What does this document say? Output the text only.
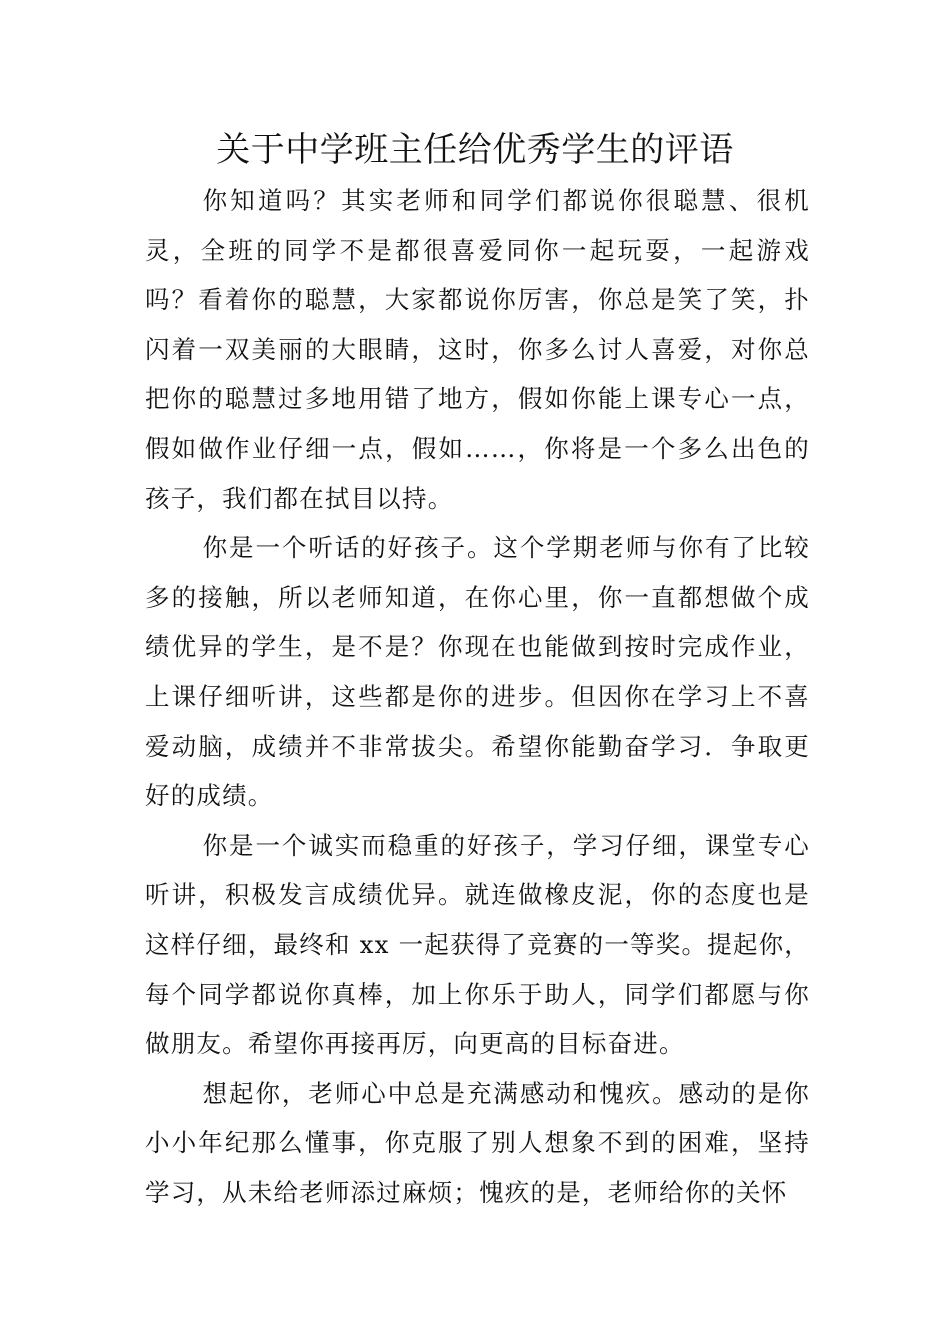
关于中学班主任给优秀学生的评语

你知道吗？其实老师和同学们都说你很聪慧、很机灵，全班的同学不是都很喜爱同你一起玩耍，一起游戏吗？看着你的聪慧，大家都说你厉害，你总是笑了笑，扑闪着一双美丽的大眼睛，这时，你多么讨人喜爱，对你总把你的聪慧过多地用错了地方，假如你能上课专心一点，假如做作业仔细一点，假如……，你将是一个多么出色的孩子，我们都在拭目以持。

你是一个听话的好孩子。这个学期老师与你有了比较多的接触，所以老师知道，在你心里，你一直都想做个成绩优异的学生，是不是？你现在也能做到按时完成作业，上课仔细听讲，这些都是你的进步。但因你在学习上不喜爱动脑，成绩并不非常拔尖。希望你能勤奋学习．争取更好的成绩。

你是一个诚实而稳重的好孩子，学习仔细，课堂专心听讲，积极发言成绩优异。就连做橡皮泥，你的态度也是这样仔细，最终和 xx 一起获得了竞赛的一等奖。提起你，每个同学都说你真棒，加上你乐于助人，同学们都愿与你做朋友。希望你再接再厉，向更高的目标奋进。

想起你，老师心中总是充满感动和愧疚。感动的是你小小年纪那么懂事，你克服了别人想象不到的困难，坚持学习，从未给老师添过麻烦；愧疚的是，老师给你的关怀
